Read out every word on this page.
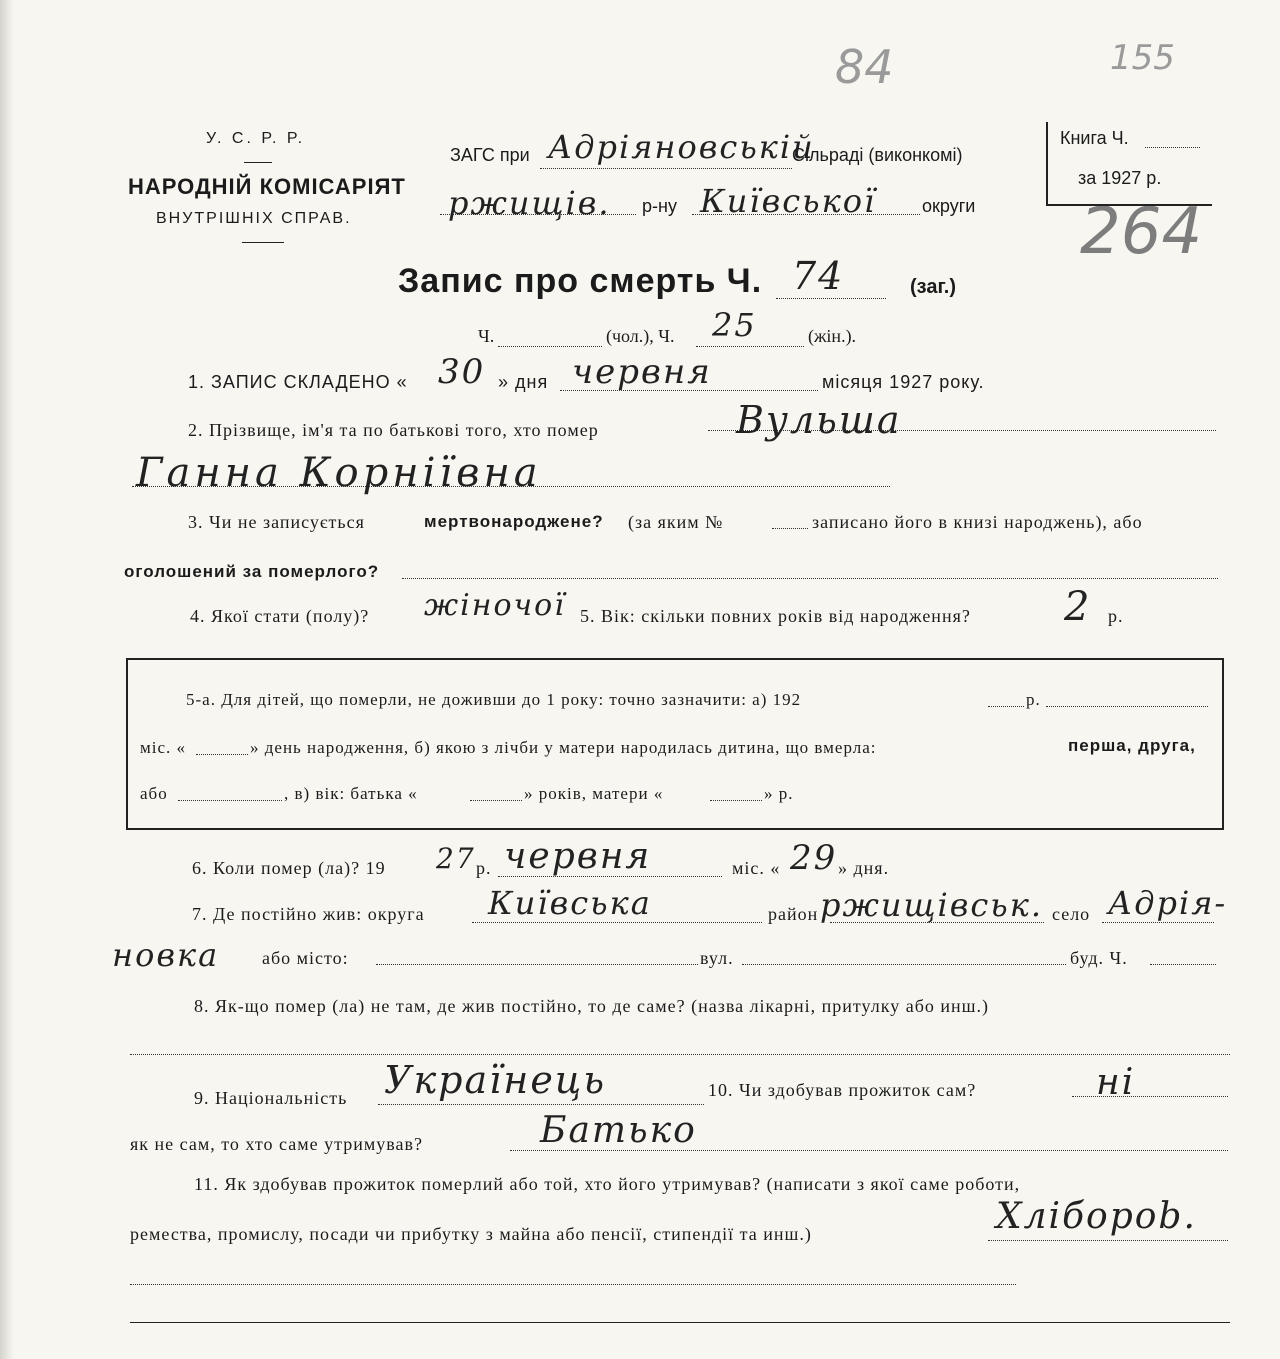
84	155
264
У. С. Р. Р.
НАРОДНІЙ КОМІСАРІЯТ
ВНУТРІШНІХ СПРАВ.
ЗАГС при Адріяновській
Сільраді (виконкомі)
ржищів. р-ну Київської	округи
Книга Ч.
за 1927 р.
Запис про смерть Ч. 74	(заг.)
Ч.	(чол.), Ч. 25	(жін.).
1. ЗАПИС СКЛАДЕНО « 30 » дня червня	місяця 1927 року.
2. Прізвище, ім'я та по батькові того, хто помер	Вульша
Ганна Корніївна
3. Чи не записується	мертвонароджене? (за яким №	записано його в книзі народжень), або
оголошений за померлого?
4. Якої стати (полу)? жіночої 5. Вік: скільки повних років від народження? 2 р.
5-а. Для дітей, що померли, не доживши до 1 року: точно зазначити: а) 192	р.
міс. «	» день народження, б) якою з лічби у матери народилась дитина, що вмерла:	перша, друга,
або	, в) вік: батька «	» років, матери «	» р.
6. Коли помер (ла)? 19 27 р. червня	міс. « 29 » дня.
7. Де постійно жив: округа Київська	район ржищівськ. село Адрія-
новка або місто:	вул.	буд. Ч.
8. Як-що помер (ла) не там, де жив постійно, то де саме? (назва лікарні, притулку або инш.)
9. Національність Українець	10. Чи здобував прожиток сам?	ні
як не сам, то хто саме утримував?	Батько
11. Як здобував прожиток померлий або той, хто його утримував? (написати з якої саме роботи,
ремества, промислу, посади чи прибутку з майна або пенсії, стипендії та инш.)	Хліборob.
